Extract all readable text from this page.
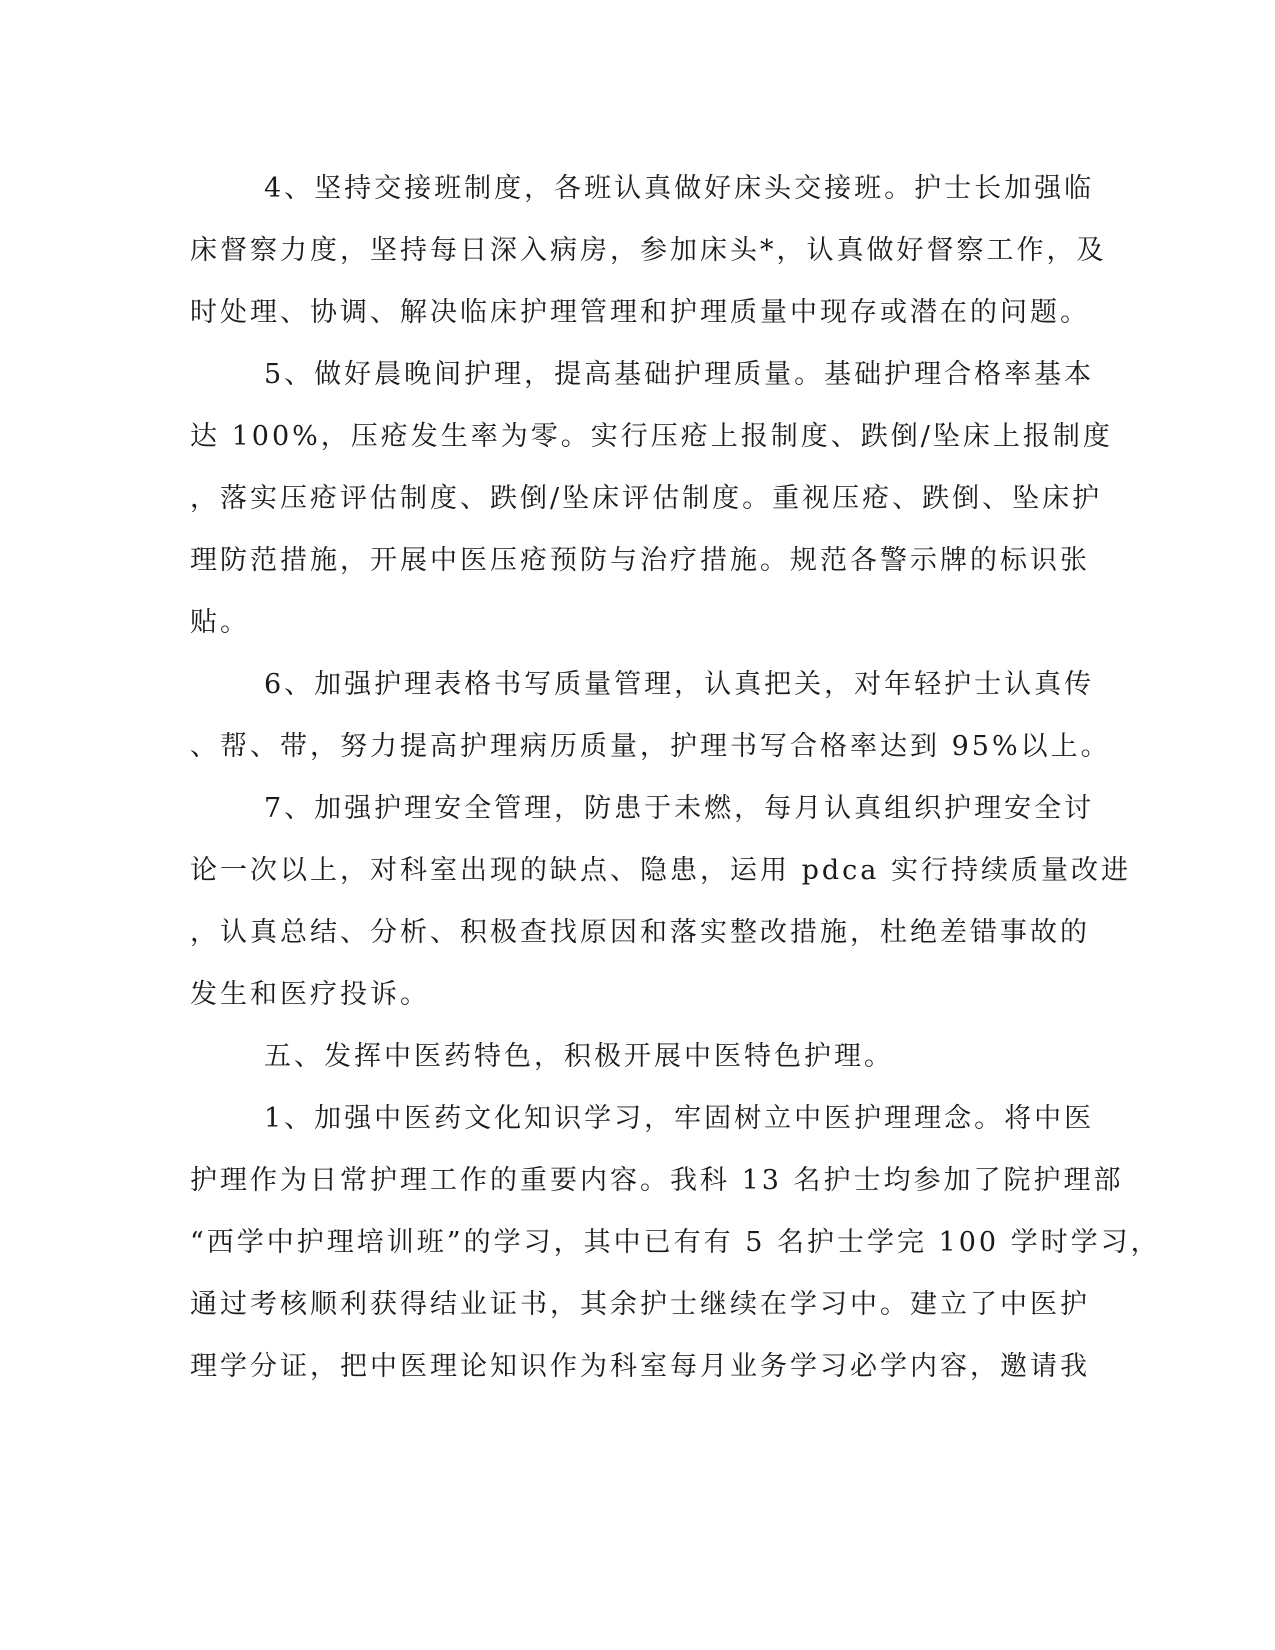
4、坚持交接班制度，各班认真做好床头交接班。护士长加强临
床督察力度，坚持每日深入病房，参加床头*，认真做好督察工作，及
时处理、协调、解决临床护理管理和护理质量中现存或潜在的问题。

5、做好晨晚间护理，提高基础护理质量。基础护理合格率基本
达 100%，压疮发生率为零。实行压疮上报制度、跌倒/坠床上报制度
，落实压疮评估制度、跌倒/坠床评估制度。重视压疮、跌倒、坠床护
理防范措施，开展中医压疮预防与治疗措施。规范各警示牌的标识张
贴。

6、加强护理表格书写质量管理，认真把关，对年轻护士认真传
、帮、带，努力提高护理病历质量，护理书写合格率达到 95%以上。

7、加强护理安全管理，防患于未燃，每月认真组织护理安全讨
论一次以上，对科室出现的缺点、隐患，运用 pdca 实行持续质量改进
，认真总结、分析、积极查找原因和落实整改措施，杜绝差错事故的
发生和医疗投诉。

五、发挥中医药特色，积极开展中医特色护理。

1、加强中医药文化知识学习，牢固树立中医护理理念。将中医
护理作为日常护理工作的重要内容。我科 13 名护士均参加了院护理部
“西学中护理培训班”的学习，其中已有有 5 名护士学完 100 学时学习，
通过考核顺利获得结业证书，其余护士继续在学习中。建立了中医护
理学分证，把中医理论知识作为科室每月业务学习必学内容，邀请我
